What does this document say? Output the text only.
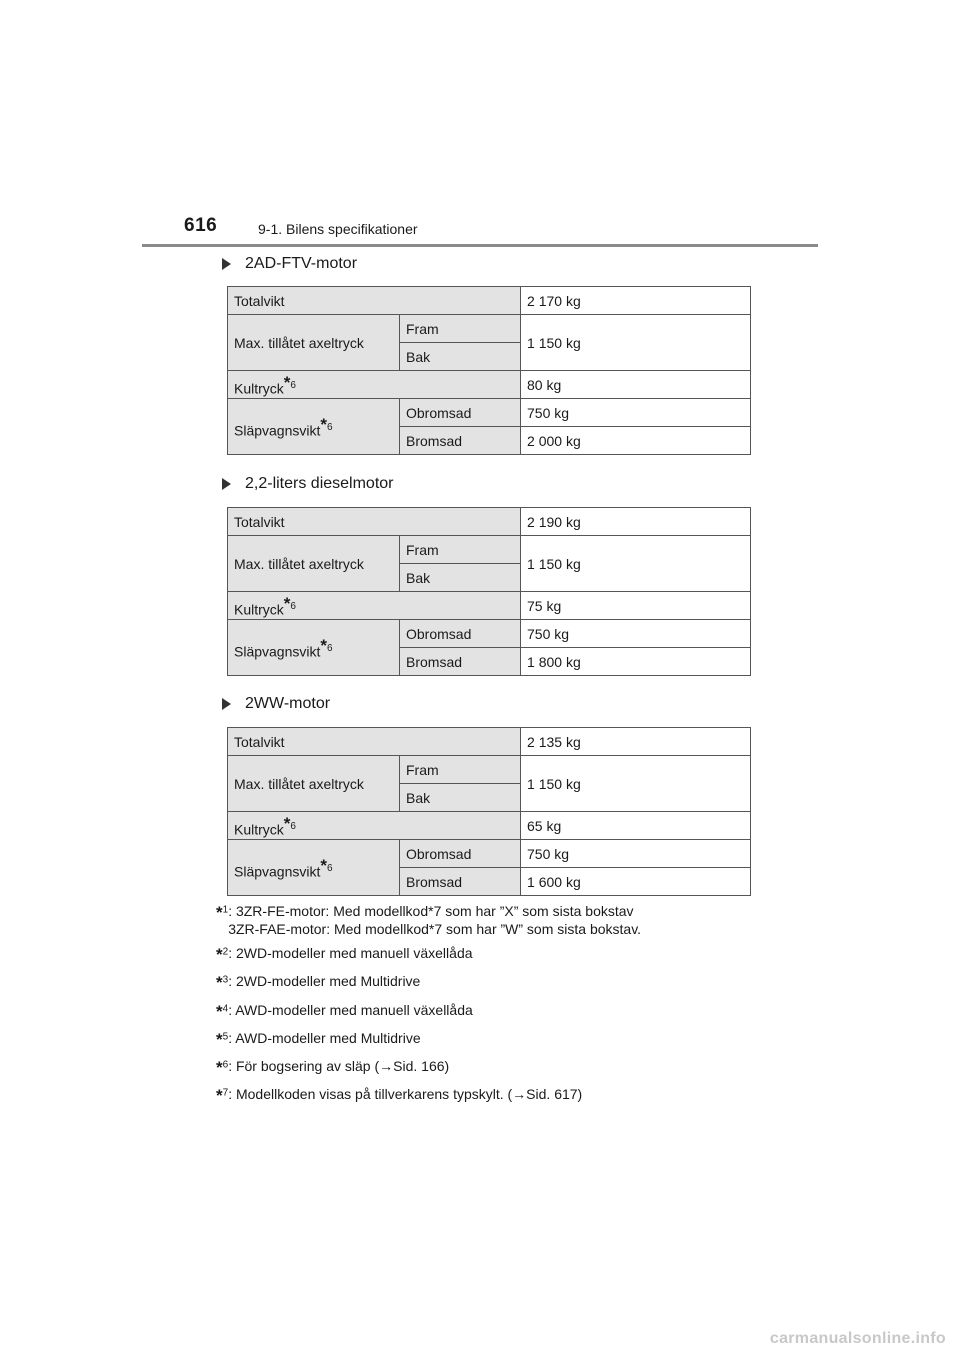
616	9-1. Bilens specifikationer
2AD-FTV-motor
Totalvikt		2 170 kg
Max. tillåtet axeltryck	Fram	1 150 kg
	Bak	
Kultryck$^{*6}$		80 kg
Släpvagnsvikt$^{*6}$	Obromsad	750 kg
	Bromsad	2 000 kg
2,2-liters dieselmotor
Totalvikt		2 190 kg
Max. tillåtet axeltryck	Fram	1 150 kg
	Bak	
Kultryck$^{*6}$		75 kg
Släpvagnsvikt$^{*6}$	Obromsad	750 kg
	Bromsad	1 800 kg
2WW-motor
Totalvikt		2 135 kg
Max. tillåtet axeltryck	Fram	1 150 kg
	Bak	
Kultryck$^{*6}$		65 kg
Släpvagnsvikt$^{*6}$	Obromsad	750 kg
	Bromsad	1 600 kg
*$^1$ : 3ZR-FE-motor: Med modellkod*7 som har ”X” som sista bokstav
3ZR-FAE-motor: Med modellkod*7 som har ”W” som sista bokstav.
*$^2$ : 2WD-modeller med manuell växellåda
*$^3$ : 2WD-modeller med Multidrive
*$^4$ : AWD-modeller med manuell växellåda
*$^5$ : AWD-modeller med Multidrive
*$^6$ : För bogsering av släp (→Sid. 166)
*$^7$ : Modellkoden visas på tillverkarens typskylt. (→Sid. 617)
carmanualsonline.info
